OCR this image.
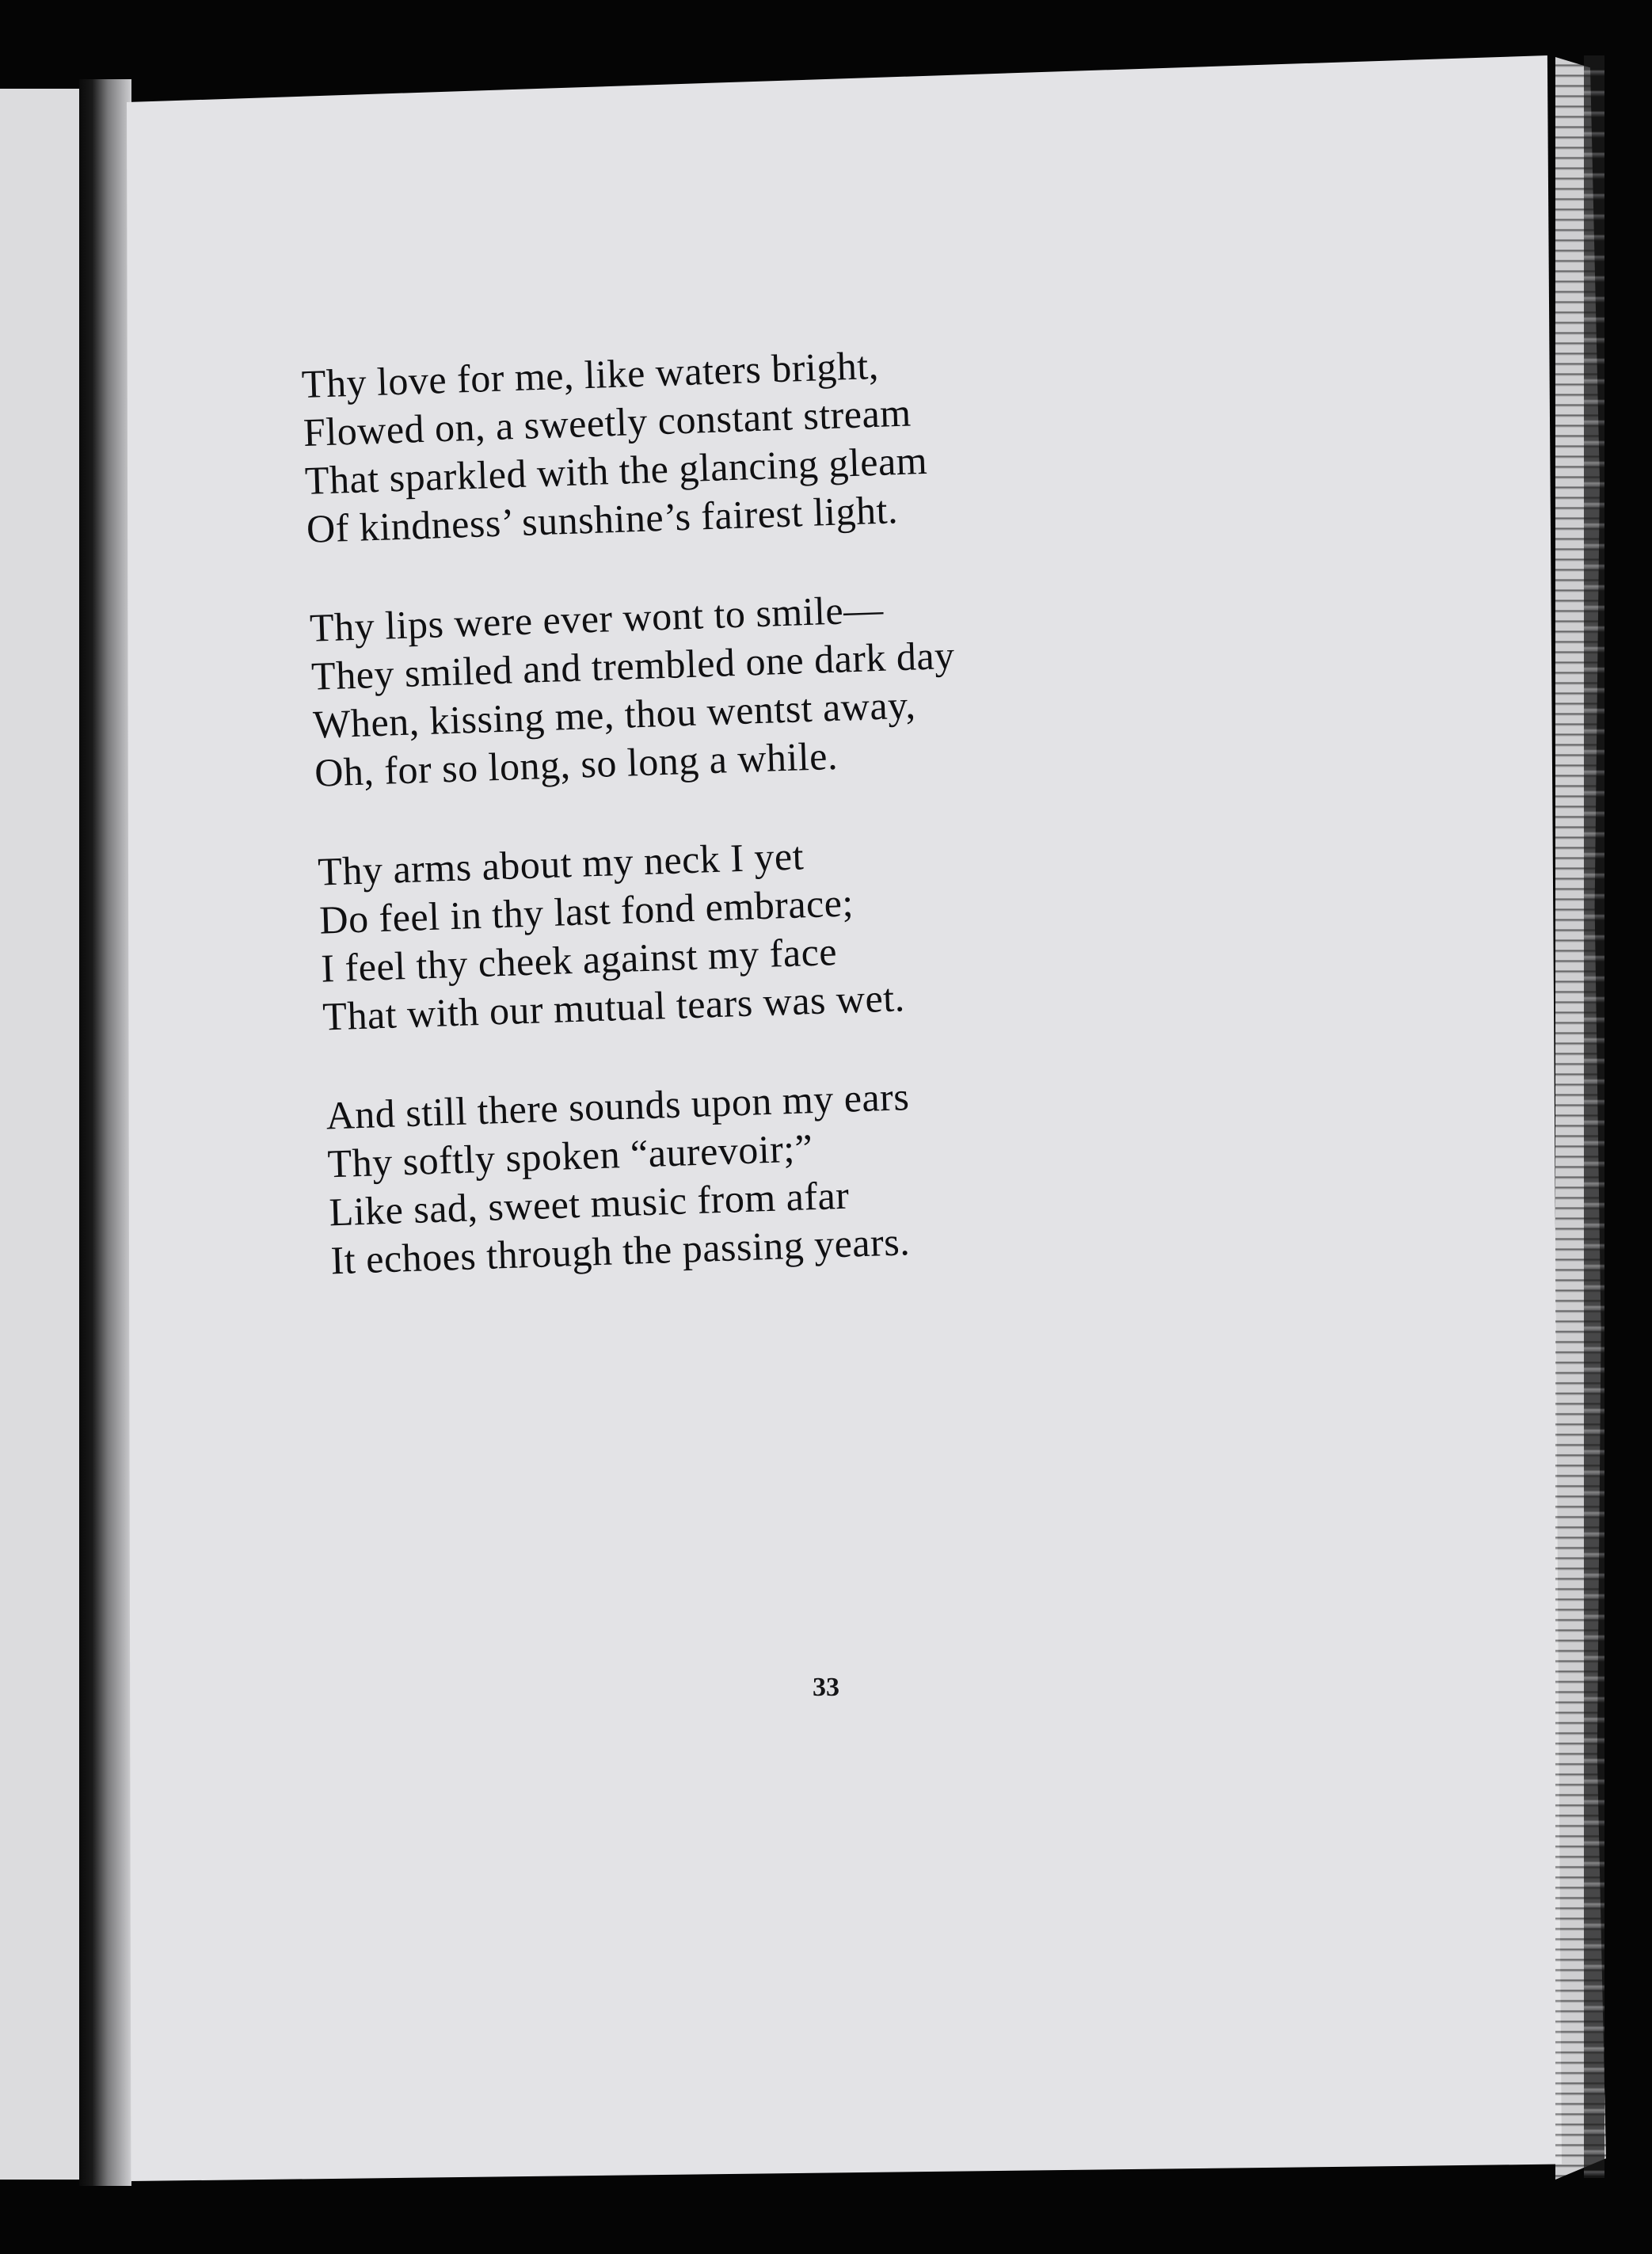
Thy love for me, like waters bright,
Flowed on, a sweetly constant stream
That sparkled with the glancing gleam
Of kindness’ sunshine’s fairest light.

Thy lips were ever wont to smile—
They smiled and trembled one dark day
When, kissing me, thou wentst away,
Oh, for so long, so long a while.

Thy arms about my neck I yet
Do feel in thy last fond embrace;
I feel thy cheek against my face
That with our mutual tears was wet.

And still there sounds upon my ears
Thy softly spoken “aurevoir;”
Like sad, sweet music from afar
It echoes through the passing years.

33
